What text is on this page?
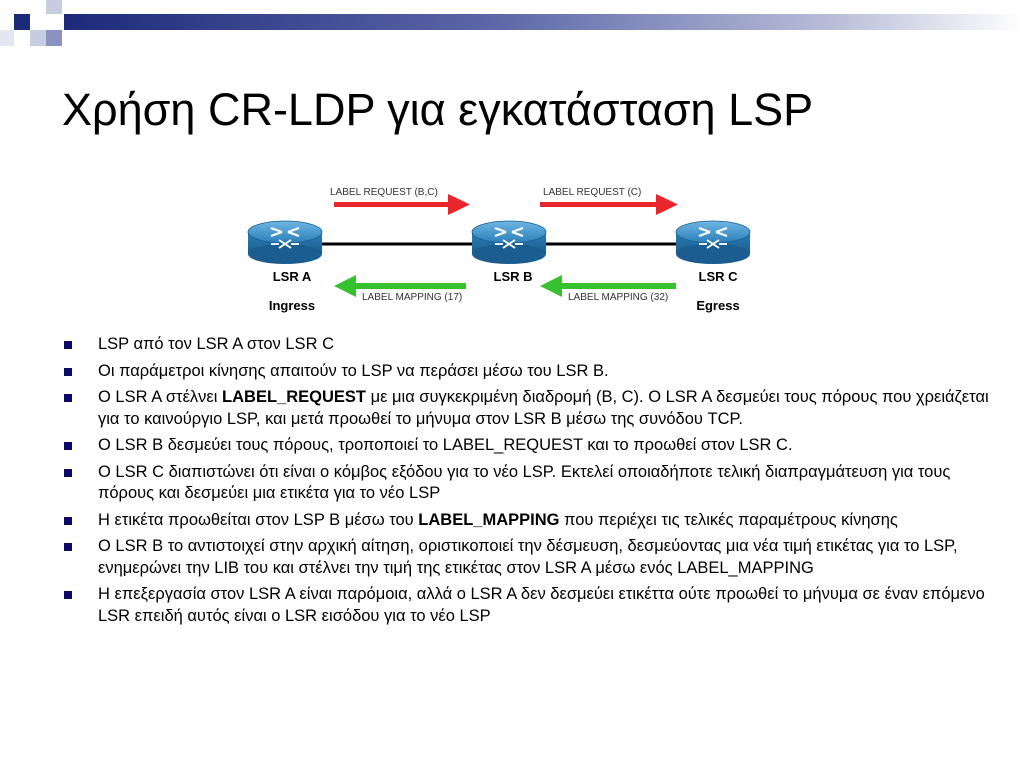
Χρήση CR-LDP για εγκατάσταση LSP
LABEL REQUEST (B,C)	LABEL REQUEST (C)
LSR A
Ingress
LSR B	LSR C
Egress
LABEL MAPPING (17)	LABEL MAPPING (32)
LSP από τον LSR A στον LSR C
Οι παράμετροι κίνησης απαιτούν το LSP να περάσει μέσω του LSR B.
O LSR A στέλνει LABEL_REQUEST με μια συγκεκριμένη διαδρομή (B, C). O LSR A δεσμεύει τους πόρους που χρειάζεται για το καινούργιο LSP, και μετά προωθεί το μήνυμα στον LSR B μέσω της συνόδου TCP.
O LSR B δεσμεύει τους πόρους, τροποποιεί το LABEL_REQUEST και το προωθεί στον LSR C.
O LSR C διαπιστώνει ότι είναι ο κόμβος εξόδου για το νέο LSP. Εκτελεί οποιαδήποτε τελική διαπραγμάτευση για τους πόρους και δεσμεύει μια ετικέτα για το νέο LSP
Η ετικέτα προωθείται στον LSP B μέσω του LABEL_MAPPING που περιέχει τις τελικές παραμέτρους κίνησης
O LSR B το αντιστοιχεί στην αρχική αίτηση, οριστικοποιεί την δέσμευση, δεσμεύοντας μια νέα τιμή ετικέτας για το LSP, ενημερώνει την LIB του και στέλνει την τιμή της ετικέτας στον LSR A μέσω ενός LABEL_MAPPING
Η επεξεργασία στον LSR A είναι παρόμοια, αλλά ο LSR A δεν δεσμεύει ετικέττα ούτε προωθεί το μήνυμα σε έναν επόμενο LSR επειδή αυτός είναι ο LSR εισόδου για το νέο LSP
